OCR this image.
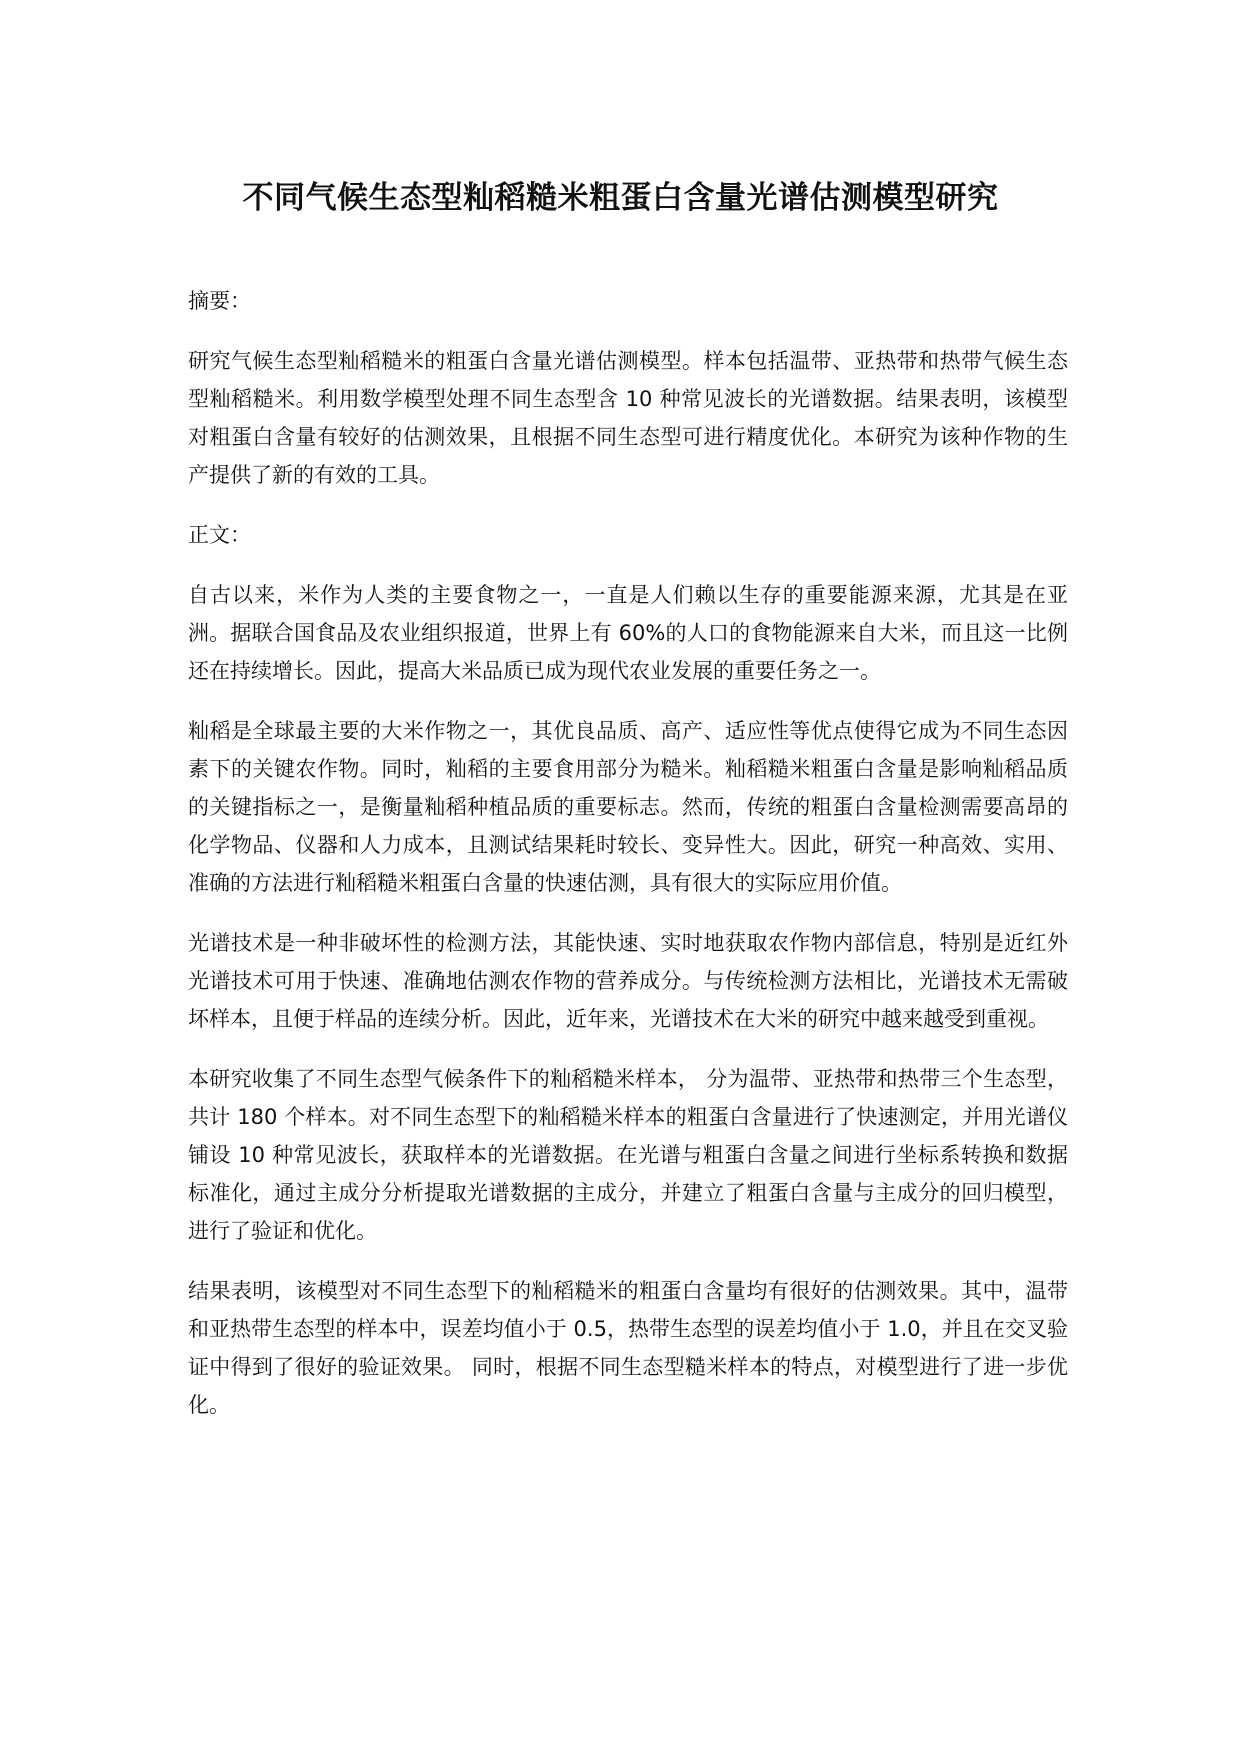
不同气候生态型籼稻糙米粗蛋白含量光谱估测模型研究

摘要：

研究气候生态型籼稻糙米的粗蛋白含量光谱估测模型。样本包括温带、亚热带和热带气候生态型籼稻糙米。利用数学模型处理不同生态型含 10 种常见波长的光谱数据。结果表明，该模型对粗蛋白含量有较好的估测效果，且根据不同生态型可进行精度优化。本研究为该种作物的生产提供了新的有效的工具。

正文：

自古以来，米作为人类的主要食物之一，一直是人们赖以生存的重要能源来源，尤其是在亚洲。据联合国食品及农业组织报道，世界上有 60%的人口的食物能源来自大米，而且这一比例还在持续增长。因此，提高大米品质已成为现代农业发展的重要任务之一。

籼稻是全球最主要的大米作物之一，其优良品质、高产、适应性等优点使得它成为不同生态因素下的关键农作物。同时，籼稻的主要食用部分为糙米。籼稻糙米粗蛋白含量是影响籼稻品质的关键指标之一，是衡量籼稻种植品质的重要标志。然而，传统的粗蛋白含量检测需要高昂的化学物品、仪器和人力成本，且测试结果耗时较长、变异性大。因此，研究一种高效、实用、准确的方法进行籼稻糙米粗蛋白含量的快速估测，具有很大的实际应用价值。

光谱技术是一种非破坏性的检测方法，其能快速、实时地获取农作物内部信息，特别是近红外光谱技术可用于快速、准确地估测农作物的营养成分。与传统检测方法相比，光谱技术无需破坏样本，且便于样品的连续分析。因此，近年来，光谱技术在大米的研究中越来越受到重视。

本研究收集了不同生态型气候条件下的籼稻糙米样本， 分为温带、亚热带和热带三个生态型，共计 180 个样本。对不同生态型下的籼稻糙米样本的粗蛋白含量进行了快速测定，并用光谱仪铺设 10 种常见波长，获取样本的光谱数据。在光谱与粗蛋白含量之间进行坐标系转换和数据标准化，通过主成分分析提取光谱数据的主成分，并建立了粗蛋白含量与主成分的回归模型，进行了验证和优化。

结果表明，该模型对不同生态型下的籼稻糙米的粗蛋白含量均有很好的估测效果。其中，温带和亚热带生态型的样本中，误差均值小于 0.5，热带生态型的误差均值小于 1.0，并且在交叉验证中得到了很好的验证效果。 同时，根据不同生态型糙米样本的特点，对模型进行了进一步优化。
